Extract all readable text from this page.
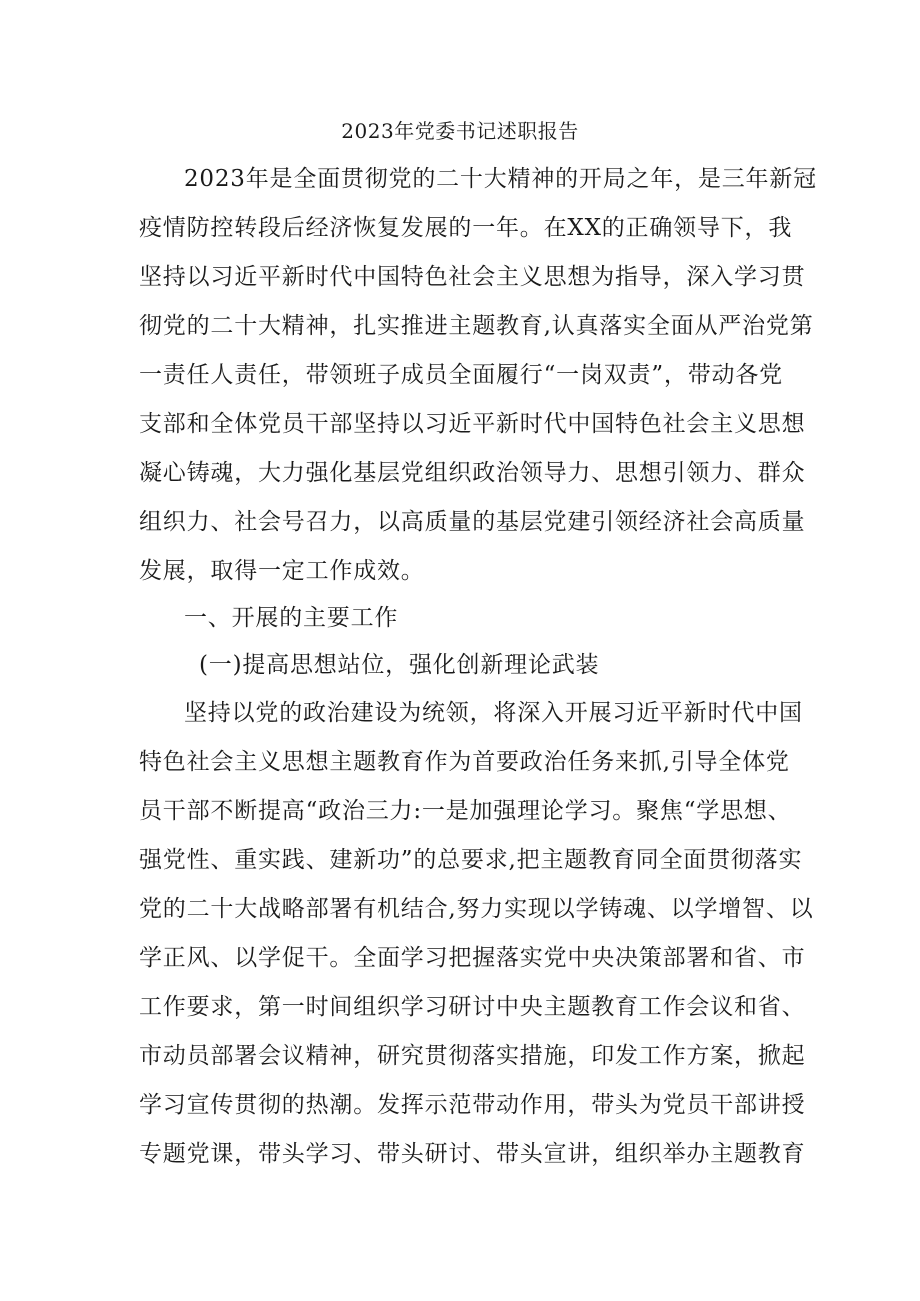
2023年党委书记述职报告
2023年是全面贯彻党的二十大精神的开局之年，是三年新冠
疫情防控转段后经济恢复发展的一年。在XX的正确领导下，我
坚持以习近平新时代中国特色社会主义思想为指导，深入学习贯
彻党的二十大精神，扎实推进主题教育,认真落实全面从严治党第
一责任人责任，带领班子成员全面履行“一岗双责”，带动各党
支部和全体党员干部坚持以习近平新时代中国特色社会主义思想
凝心铸魂，大力强化基层党组织政治领导力、思想引领力、群众
组织力、社会号召力，以高质量的基层党建引领经济社会高质量
发展，取得一定工作成效。
一、开展的主要工作
(一)提高思想站位，强化创新理论武装
坚持以党的政治建设为统领，将深入开展习近平新时代中国
特色社会主义思想主题教育作为首要政治任务来抓,引导全体党
员干部不断提高“政治三力:一是加强理论学习。聚焦“学思想、
强党性、重实践、建新功”的总要求,把主题教育同全面贯彻落实
党的二十大战略部署有机结合,努力实现以学铸魂、以学增智、以
学正风、以学促干。全面学习把握落实党中央决策部署和省、市
工作要求，第一时间组织学习研讨中央主题教育工作会议和省、
市动员部署会议精神，研究贯彻落实措施，印发工作方案，掀起
学习宣传贯彻的热潮。发挥示范带动作用，带头为党员干部讲授
专题党课，带头学习、带头研讨、带头宣讲，组织举办主题教育
